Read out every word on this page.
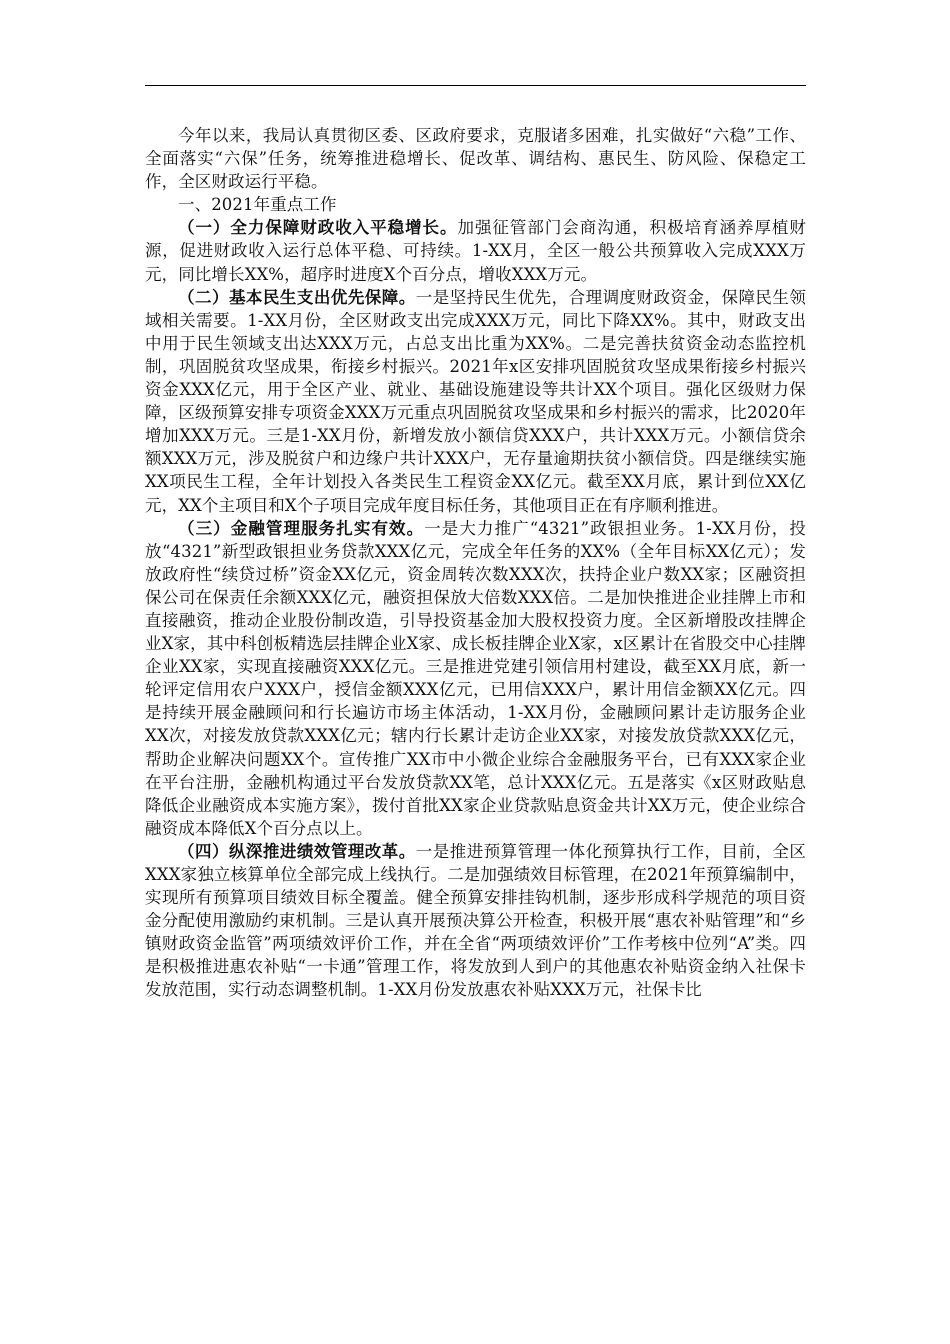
今年以来，我局认真贯彻区委、区政府要求，克服诸多困难，扎实做好“六稳”工作、全面落实“六保”任务，统筹推进稳增长、促改革、调结构、惠民生、防风险、保稳定工作，全区财政运行平稳。

一、2021年重点工作

（一）全力保障财政收入平稳增长。加强征管部门会商沟通，积极培育涵养厚植财源，促进财政收入运行总体平稳、可持续。1-XX月，全区一般公共预算收入完成XXX万元，同比增长XX%，超序时进度X个百分点，增收XXX万元。

（二）基本民生支出优先保障。一是坚持民生优先，合理调度财政资金，保障民生领域相关需要。1-XX月份，全区财政支出完成XXX万元，同比下降XX%。其中，财政支出中用于民生领域支出达XXX万元，占总支出比重为XX%。二是完善扶贫资金动态监控机制，巩固脱贫攻坚成果，衔接乡村振兴。2021年x区安排巩固脱贫攻坚成果衔接乡村振兴资金XXX亿元，用于全区产业、就业、基础设施建设等共计XX个项目。强化区级财力保障，区级预算安排专项资金XXX万元重点巩固脱贫攻坚成果和乡村振兴的需求，比2020年增加XXX万元。三是1-XX月份，新增发放小额信贷XXX户，共计XXX万元。小额信贷余额XXX万元，涉及脱贫户和边缘户共计XXX户，无存量逾期扶贫小额信贷。四是继续实施XX项民生工程，全年计划投入各类民生工程资金XX亿元。截至XX月底，累计到位XX亿元，XX个主项目和X个子项目完成年度目标任务，其他项目正在有序顺利推进。

（三）金融管理服务扎实有效。一是大力推广“4321”政银担业务。1-XX月份，投放“4321”新型政银担业务贷款XXX亿元，完成全年任务的XX%（全年目标XX亿元）；发放政府性“续贷过桥”资金XX亿元，资金周转次数XXX次，扶持企业户数XX家；区融资担保公司在保责任余额XXX亿元，融资担保放大倍数XXX倍。二是加快推进企业挂牌上市和直接融资，推动企业股份制改造，引导投资基金加大股权投资力度。全区新增股改挂牌企业X家，其中科创板精选层挂牌企业X家、成长板挂牌企业X家，x区累计在省股交中心挂牌企业XX家，实现直接融资XXX亿元。三是推进党建引领信用村建设，截至XX月底，新一轮评定信用农户XXX户，授信金额XXX亿元，已用信XXX户，累计用信金额XX亿元。四是持续开展金融顾问和行长遍访市场主体活动，1-XX月份，金融顾问累计走访服务企业XX次，对接发放贷款XXX亿元；辖内行长累计走访企业XX家，对接发放贷款XXX亿元，帮助企业解决问题XX个。宣传推广XX市中小微企业综合金融服务平台，已有XXX家企业在平台注册，金融机构通过平台发放贷款XX笔，总计XXX亿元。五是落实《x区财政贴息降低企业融资成本实施方案》，拨付首批XX家企业贷款贴息资金共计XX万元，使企业综合融资成本降低X个百分点以上。

（四）纵深推进绩效管理改革。一是推进预算管理一体化预算执行工作，目前，全区XXX家独立核算单位全部完成上线执行。二是加强绩效目标管理，在2021年预算编制中，实现所有预算项目绩效目标全覆盖。健全预算安排挂钩机制，逐步形成科学规范的项目资金分配使用激励约束机制。三是认真开展预决算公开检查，积极开展“惠农补贴管理”和“乡镇财政资金监管”两项绩效评价工作，并在全省“两项绩效评价”工作考核中位列“A”类。四是积极推进惠农补贴“一卡通”管理工作，将发放到人到户的其他惠农补贴资金纳入社保卡发放范围，实行动态调整机制。1-XX月份发放惠农补贴XXX万元，社保卡比
